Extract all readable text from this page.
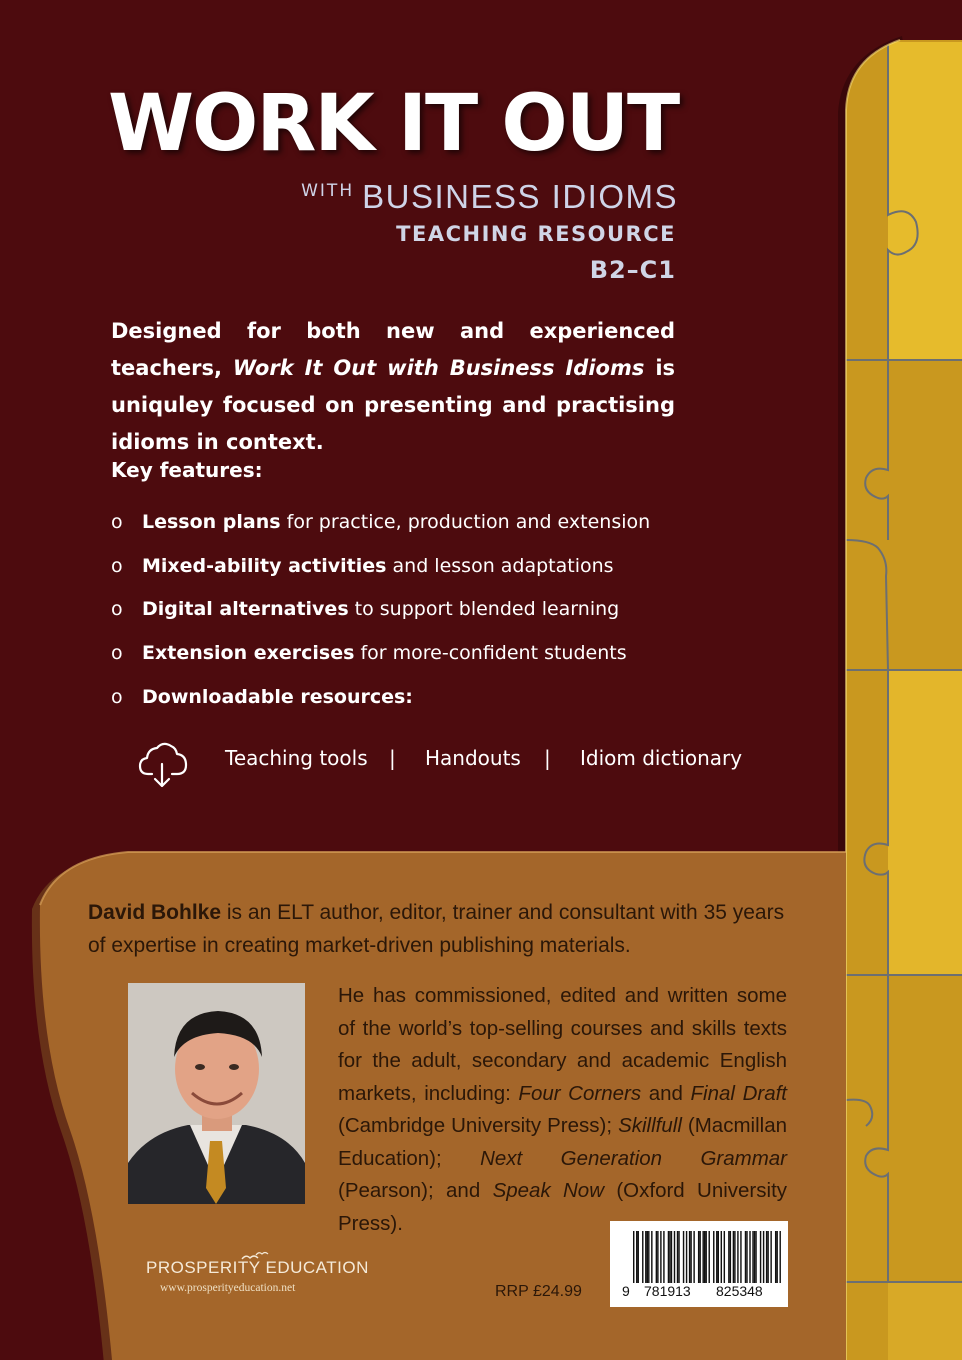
WORK IT OUT
WITH BUSINESS IDIOMS
TEACHING RESOURCE
B2–C1

Designed for both new and experienced teachers, Work It Out with Business Idioms is uniquley focused on presenting and practising idioms in context.

Key features:
o Lesson plans for practice, production and extension
o Mixed-ability activities and lesson adaptations
o Digital alternatives to support blended learning
o Extension exercises for more-confident students
o Downloadable resources:
Teaching tools | Handouts | Idiom dictionary

David Bohlke is an ELT author, editor, trainer and consultant with 35 years of expertise in creating market-driven publishing materials.

He has commissioned, edited and written some of the world’s top-selling courses and skills texts for the adult, secondary and academic English markets, including: Four Corners and Final Draft (Cambridge University Press); Skillfull (Macmillan Education); Next Generation Grammar (Pearson); and Speak Now (Oxford University Press).

PROSPERITY EDUCATION
www.prosperityeducation.net	RRP £24.99	9 781913 825348
